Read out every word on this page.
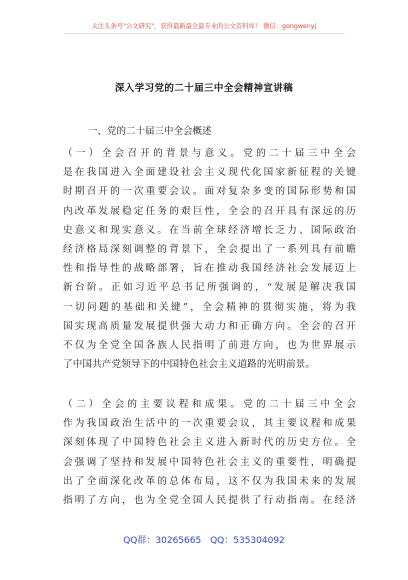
关注头条号"公文研究"，获得最新最全最专业的公文资料库！ 微信：gongwenyj
深入学习党的二十届三中全会精神宣讲稿
一、党的二十届三中全会概述

（一）全会召开的背景与意义。党的二十届三中全会
是在我国进入全面建设社会主义现代化国家新征程的关键
时期召开的一次重要会议。面对复杂多变的国际形势和国
内改革发展稳定任务的艰巨性，全会的召开具有深远的历
史意义和现实意义。在当前全球经济增长乏力、国际政治
经济格局深刻调整的背景下，全会提出了一系列具有前瞻
性和指导性的战略部署，旨在推动我国经济社会发展迈上
新台阶。正如习近平总书记所强调的，“发展是解决我国
一切问题的基础和关键”，全会精神的贯彻实施，将为我
国实现高质量发展提供强大动力和正确方向。全会的召开
不仅为全党全国各族人民指明了前进方向，也为世界展示
了中国共产党领导下的中国特色社会主义道路的光明前景。

（二）全会的主要议程和成果。党的二十届三中全会
作为我国政治生活中的一次重要会议，其主要议程和成果
深刻体现了中国特色社会主义进入新时代的历史方位。全
会强调了坚持和发展中国特色社会主义的重要性，明确提
出了全面深化改革的总体布局，这不仅为我国未来的发展
指明了方向，也为全党全国人民提供了行动指南。在经济

QQ群：30265665 QQ：535304092
